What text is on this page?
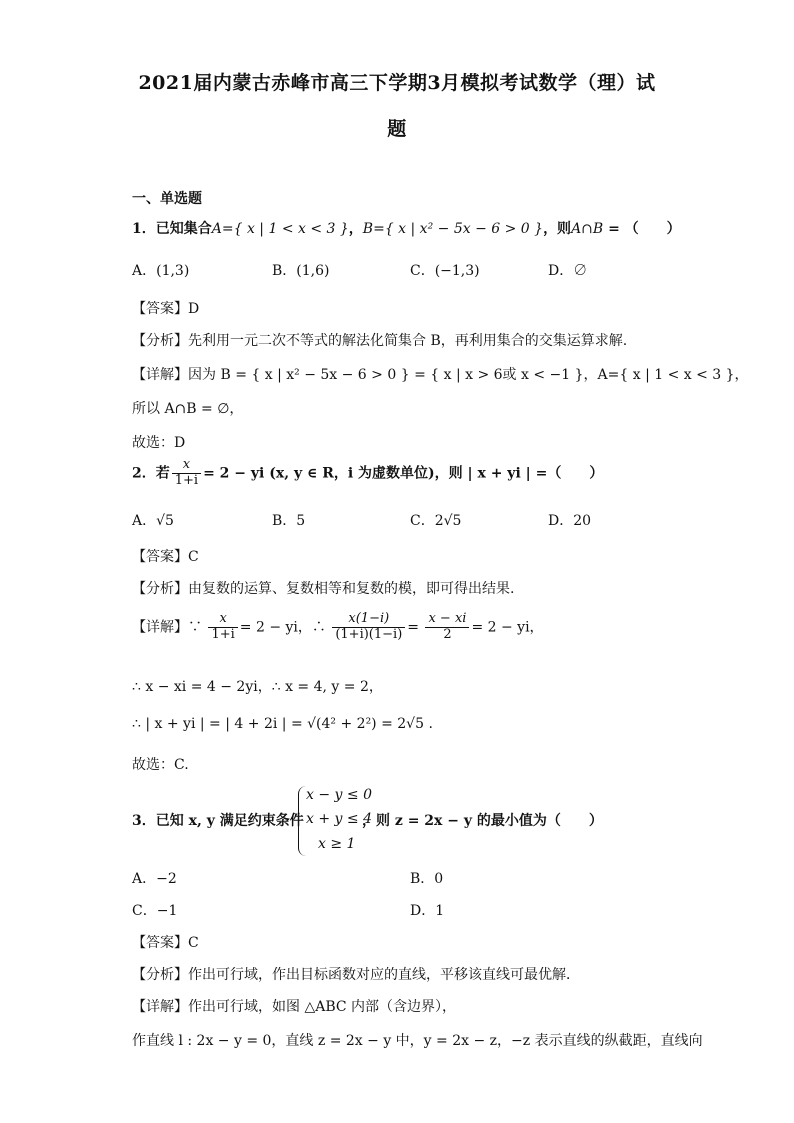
2021届内蒙古赤峰市高三下学期3月模拟考试数学（理）试
题
一、单选题
1．已知集合A={ x | 1 < x < 3 }，B={ x | x² − 5x − 6 > 0 }，则A∩B = （　　）
A．(1,3)	B．(1,6)	C．(−1,3)	D．∅
【答案】D
【分析】先利用一元二次不等式的解法化简集合 B，再利用集合的交集运算求解.
【详解】因为 B = { x | x² − 5x − 6 > 0 } = { x | x > 6或 x < −1 }，A={ x | 1 < x < 3 }，
所以 A∩B = ∅，
故选：D
2．若 $\frac{x}{1+i} = 2$ − yi (x, y ∈ R，i 为虚数单位)，则 | x + yi | =（　　）
A．√5	B．5	C．2√5	D．20
【答案】C
【分析】由复数的运算、复数相等和复数的模，即可得出结果.
【详解】∵ $\frac{x}{1+i} = 2$ − yi，∴ $\frac{x(1-i)}{(1+i)(1-i)} = \frac{x - xi}{2} = 2$ − yi，
∴ x − xi = 4 − 2yi，∴ x = 4, y = 2，
∴ | x + yi | = | 4 + 2i | = √(4² + 2²) = 2√5 .
故选：C.
3．已知 x, y 满足约束条件
x − y ≤ 0
x + y ≤ 4
x ≥ 1
，则 z = 2x − y 的最小值为（　　）
A．−2	B．0
C．−1	D．1
【答案】C
【分析】作出可行域，作出目标函数对应的直线，平移该直线可最优解．
【详解】作出可行域，如图 △ABC 内部（含边界），
作直线 l : 2x − y = 0，直线 z = 2x − y 中，y = 2x − z，−z 表示直线的纵截距，直线向
